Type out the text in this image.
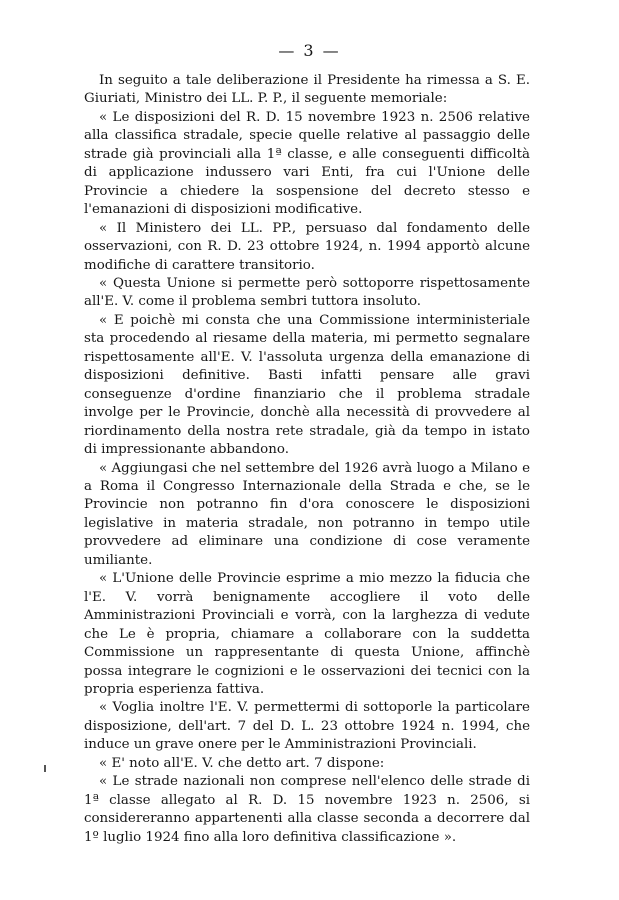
— 3 —

In seguito a tale deliberazione il Presidente ha rimessa a S. E. Giuriati, Ministro dei LL. P. P., il seguente memoriale:

« Le disposizioni del R. D. 15 novembre 1923 n. 2506 relative alla classifica stradale, specie quelle relative al passaggio delle strade già provinciali alla 1ª classe, e alle conseguenti difficoltà di applicazione indussero vari Enti, fra cui l'Unione delle Provincie a chiedere la sospensione del decreto stesso e l'emanazioni di disposizioni modificative.

« Il Ministero dei LL. PP., persuaso dal fondamento delle osservazioni, con R. D. 23 ottobre 1924, n. 1994 apportò alcune modifiche di carattere transitorio.

« Questa Unione si permette però sottoporre rispettosamente all'E. V. come il problema sembri tuttora insoluto.

« E poichè mi consta che una Commissione interministeriale sta procedendo al riesame della materia, mi permetto segnalare rispettosamente all'E. V. l'assoluta urgenza della emanazione di disposizioni definitive. Basti infatti pensare alle gravi conseguenze d'ordine finanziario che il problema stradale involge per le Provincie, donchè alla necessità di provvedere al riordinamento della nostra rete stradale, già da tempo in istato di impressionante abbandono.

« Aggiungasi che nel settembre del 1926 avrà luogo a Milano e a Roma il Congresso Internazionale della Strada e che, se le Provincie non potranno fin d'ora conoscere le disposizioni legislative in materia stradale, non potranno in tempo utile provvedere ad eliminare una condizione di cose veramente umiliante.

« L'Unione delle Provincie esprime a mio mezzo la fiducia che l'E. V. vorrà benignamente accogliere il voto delle Amministrazioni Provinciali e vorrà, con la larghezza di vedute che Le è propria, chiamare a collaborare con la suddetta Commissione un rappresentante di questa Unione, affinchè possa integrare le cognizioni e le osservazioni dei tecnici con la propria esperienza fattiva.

« Voglia inoltre l'E. V. permettermi di sottoporle la particolare disposizione, dell'art. 7 del D. L. 23 ottobre 1924 n. 1994, che induce un grave onere per le Amministrazioni Provinciali.

« E' noto all'E. V. che detto art. 7 dispone:

« Le strade nazionali non comprese nell'elenco delle strade di 1ª classe allegato al R. D. 15 novembre 1923 n. 2506, si considereranno appartenenti alla classe seconda a decorrere dal 1º luglio 1924 fino alla loro definitiva classificazione ».
